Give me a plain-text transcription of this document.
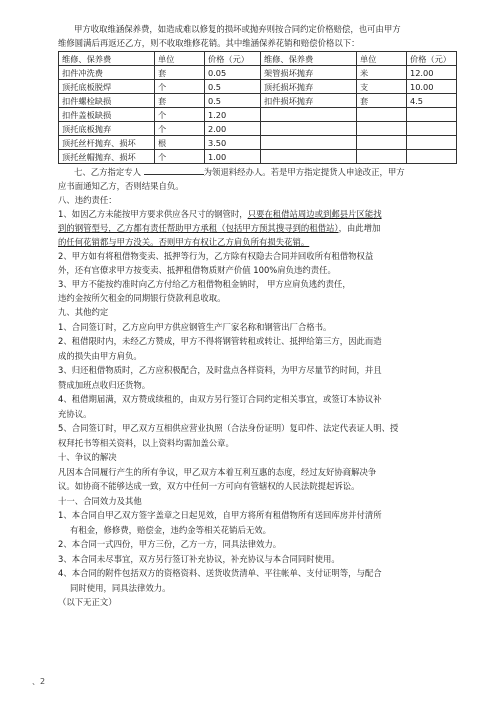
甲方收取维涵保养费，如造成难以修复的损坏或抛弃则按合同约定价格赔偿，也可由甲方

维修圆满后再返还乙方，则不收取维修花销。其中维涵保养花销和赔偿价格以下：

维修、保养费	单位	价格（元）	维修、保养费	单位	价格（元）
扣件冲洗费	套	0.05	架管损坏抛弃	米	12.00
顶托底板脱焊	个	0.5	顶托损坏抛弃	支	10.00
扣件螺栓缺损	套	0.5	扣件损坏抛弃	套	4.5
扣件盖板缺损	个	1.20			
顶托底板抛弃	个	2.00			
顶托丝杆抛弃、损坏	根	3.50			
顶托丝帽抛弃、损坏	个	1.00			

七、乙方指定专人	为领退料经办人。若是甲方指定提货人申途改正，甲方

应书面通知乙方，否则结果自负。

八、违约责任：

1、如因乙方未能按甲方要求供应各尺寸的钢管时，只要在租借站周边或到邺县片区能找

到的钢管型号，乙方都有责任帮助甲方承租（包括甲方预其搜寻到的租借站），由此增加

的任何花销都与甲方没关。否则甲方有权让乙方肩负所有损失花销。

2、甲方如有将租借物变卖、抵押等行为，乙方除有权隐去合同并回收所有租借物权益

外，还有官僚求甲方按变卖、抵押租借物质财产价值 100%肩负违约责任。

3、甲方不能按约准时向乙方付给乙方租借物租金钠时， 甲方应肩负逃约责任，

违约金按所欠租金的同期银行贷款利息收取。

九、其他约定

1、合同签订时，乙方应向甲方供应钢管生产厂家名称和钢管出厂合格书。

2、租借限时内，未经乙方赞成，甲方不得将钢管转租或转让、抵押给第三方，因此而造

成的损失由甲方肩负。

3、归还租借物质时，乙方应积极配合，及时盘点各样资料，为甲方尽量节约时间，并且

赞成加班点收归还货物。

4、租借期届满，双方赞成续租的，由双方另行签订合同约定相关事宜，或签订本协议补

充协议。

5、合同签订时，甲乙双方互相供应营业执照（合法身份证明）复印件、法定代表证人明、授

权拜托书等相关资料，以上资料均需加盖公章。

十、争议的解决

凡因本合同履行产生的所有争议，甲乙双方本着互利互惠的态度，经过友好协商解决争

议。如协商不能够达成一致，双方中任何一方可向有管辖权的人民法院提起诉讼。

十一、合同效力及其他

1、本合同自甲乙双方签字盖章之日起见效，自甲方将所有租借物所有送回库房并付清所

有租金，修修费，赔偿金，违约金等相关花销后无效。

2、本合同一式四份，甲方三份，乙方一方，同具法律效力。

3、本合同未尽事宜，双方另行签订补充协议，补充协议与本合同同时使用。

4、本合同的附件包括双方的资格资料、送货收货清单、平往帐单、支付证明等，与配合

同时使用，同具法律效力。

（以下无正文）

、2
